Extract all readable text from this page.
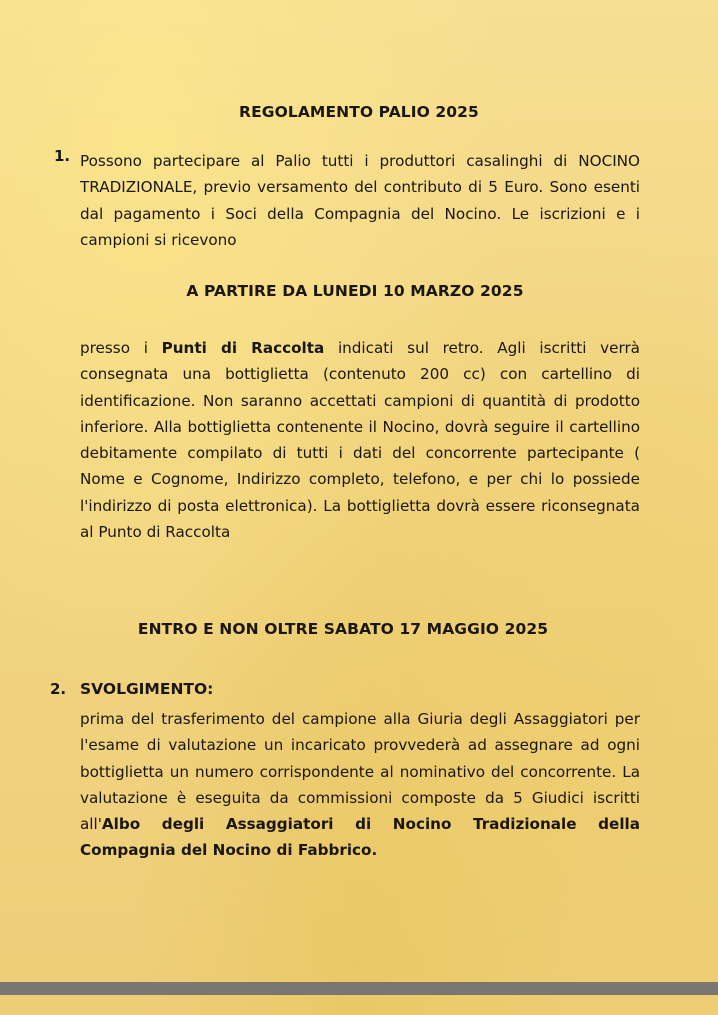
REGOLAMENTO PALIO 2025
1. Possono partecipare al Palio tutti i produttori casalinghi di NOCINO TRADIZIONALE, previo versamento del contributo di 5 Euro. Sono esenti dal pagamento i Soci della Compagnia del Nocino. Le iscrizioni e i campioni si ricevono
A PARTIRE DA LUNEDI 10 MARZO 2025
presso i Punti di Raccolta indicati sul retro. Agli iscritti verrà consegnata una bottiglietta (contenuto 200 cc) con cartellino di identificazione. Non saranno accettati campioni di quantità di prodotto inferiore. Alla bottiglietta contenente il Nocino, dovrà seguire il cartellino debitamente compilato di tutti i dati del concorrente partecipante ( Nome e Cognome, Indirizzo completo, telefono, e per chi lo possiede l'indirizzo di posta elettronica). La bottiglietta dovrà essere riconsegnata al Punto di Raccolta
ENTRO E NON OLTRE SABATO 17 MAGGIO 2025
2. SVOLGIMENTO:
prima del trasferimento del campione alla Giuria degli Assaggiatori per l'esame di valutazione un incaricato provvederà ad assegnare ad ogni bottiglietta un numero corrispondente al nominativo del concorrente. La valutazione è eseguita da commissioni composte da 5 Giudici iscritti all'Albo degli Assaggiatori di Nocino Tradizionale della Compagnia del Nocino di Fabbrico.
